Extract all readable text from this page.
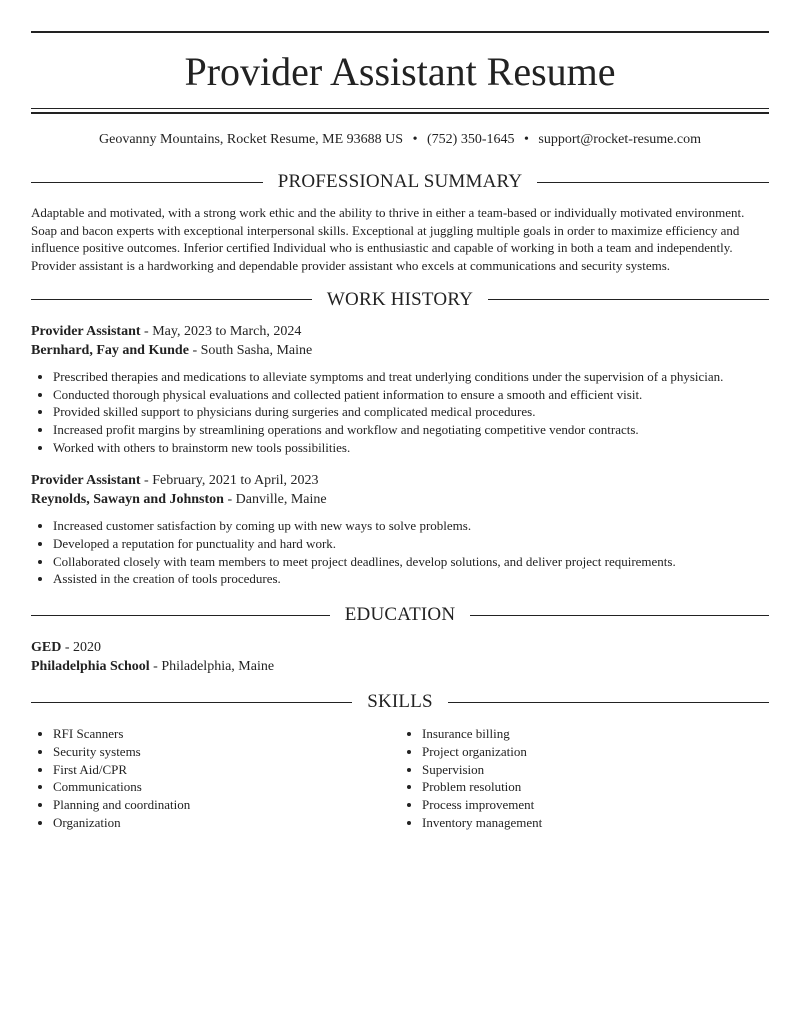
Provider Assistant Resume
Geovanny Mountains, Rocket Resume, ME 93688 US • (752) 350-1645 • support@rocket-resume.com
PROFESSIONAL SUMMARY

Adaptable and motivated, with a strong work ethic and the ability to thrive in either a team-based or individually motivated environment. Soap and bacon experts with exceptional interpersonal skills. Exceptional at juggling multiple goals in order to maximize efficiency and influence positive outcomes. Inferior certified Individual who is enthusiastic and capable of working in both a team and independently. Provider assistant is a hardworking and dependable provider assistant who excels at communications and security systems.

WORK HISTORY
Provider Assistant - May, 2023 to March, 2024
Bernhard, Fay and Kunde - South Sasha, Maine
• Prescribed therapies and medications to alleviate symptoms and treat underlying conditions under the supervision of a physician.
• Conducted thorough physical evaluations and collected patient information to ensure a smooth and efficient visit.
• Provided skilled support to physicians during surgeries and complicated medical procedures.
• Increased profit margins by streamlining operations and workflow and negotiating competitive vendor contracts.
• Worked with others to brainstorm new tools possibilities.
Provider Assistant - February, 2021 to April, 2023
Reynolds, Sawayn and Johnston - Danville, Maine
• Increased customer satisfaction by coming up with new ways to solve problems.
• Developed a reputation for punctuality and hard work.
• Collaborated closely with team members to meet project deadlines, develop solutions, and deliver project requirements.
• Assisted in the creation of tools procedures.
EDUCATION
GED - 2020
Philadelphia School - Philadelphia, Maine
SKILLS
• RFI Scanners
• Security systems
• First Aid/CPR
• Communications
• Planning and coordination
• Organization
• Insurance billing
• Project organization
• Supervision
• Problem resolution
• Process improvement
• Inventory management
